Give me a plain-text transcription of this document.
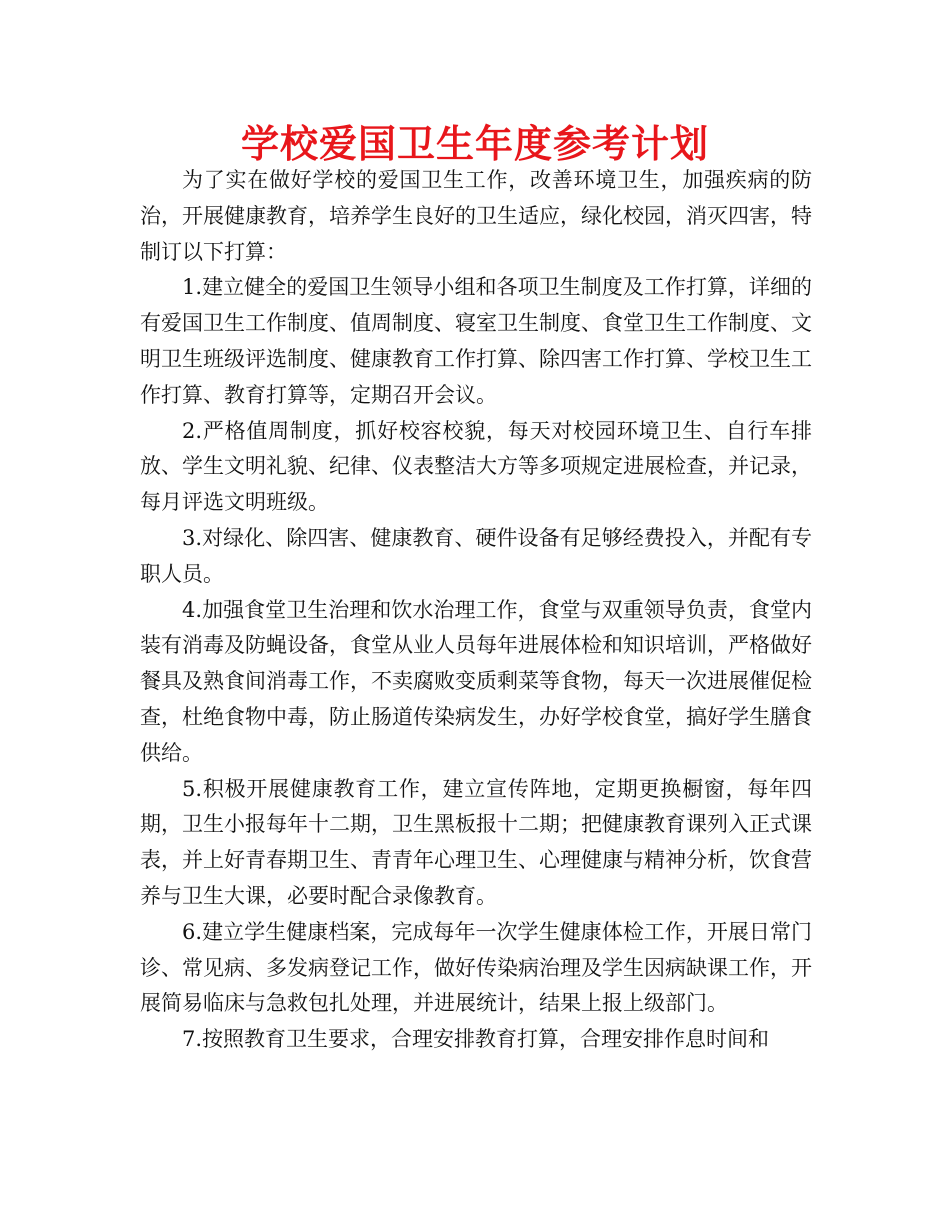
学校爱国卫生年度参考计划

为了实在做好学校的爱国卫生工作，改善环境卫生，加强疾病的防治，开展健康教育，培养学生良好的卫生适应，绿化校园，消灭四害，特制订以下打算：

1.建立健全的爱国卫生领导小组和各项卫生制度及工作打算，详细的有爱国卫生工作制度、值周制度、寝室卫生制度、食堂卫生工作制度、文明卫生班级评选制度、健康教育工作打算、除四害工作打算、学校卫生工作打算、教育打算等，定期召开会议。

2.严格值周制度，抓好校容校貌，每天对校园环境卫生、自行车排放、学生文明礼貌、纪律、仪表整洁大方等多项规定进展检查，并记录，每月评选文明班级。

3.对绿化、除四害、健康教育、硬件设备有足够经费投入，并配有专职人员。

4.加强食堂卫生治理和饮水治理工作，食堂与双重领导负责，食堂内装有消毒及防蝇设备，食堂从业人员每年进展体检和知识培训，严格做好餐具及熟食间消毒工作，不卖腐败变质剩菜等食物，每天一次进展催促检查，杜绝食物中毒，防止肠道传染病发生，办好学校食堂，搞好学生膳食供给。

5.积极开展健康教育工作，建立宣传阵地，定期更换橱窗，每年四期，卫生小报每年十二期，卫生黑板报十二期；把健康教育课列入正式课表，并上好青春期卫生、青青年心理卫生、心理健康与精神分析，饮食营养与卫生大课，必要时配合录像教育。

6.建立学生健康档案，完成每年一次学生健康体检工作，开展日常门诊、常见病、多发病登记工作，做好传染病治理及学生因病缺课工作，开展简易临床与急救包扎处理，并进展统计，结果上报上级部门。

7.按照教育卫生要求，合理安排教育打算，合理安排作息时间和
